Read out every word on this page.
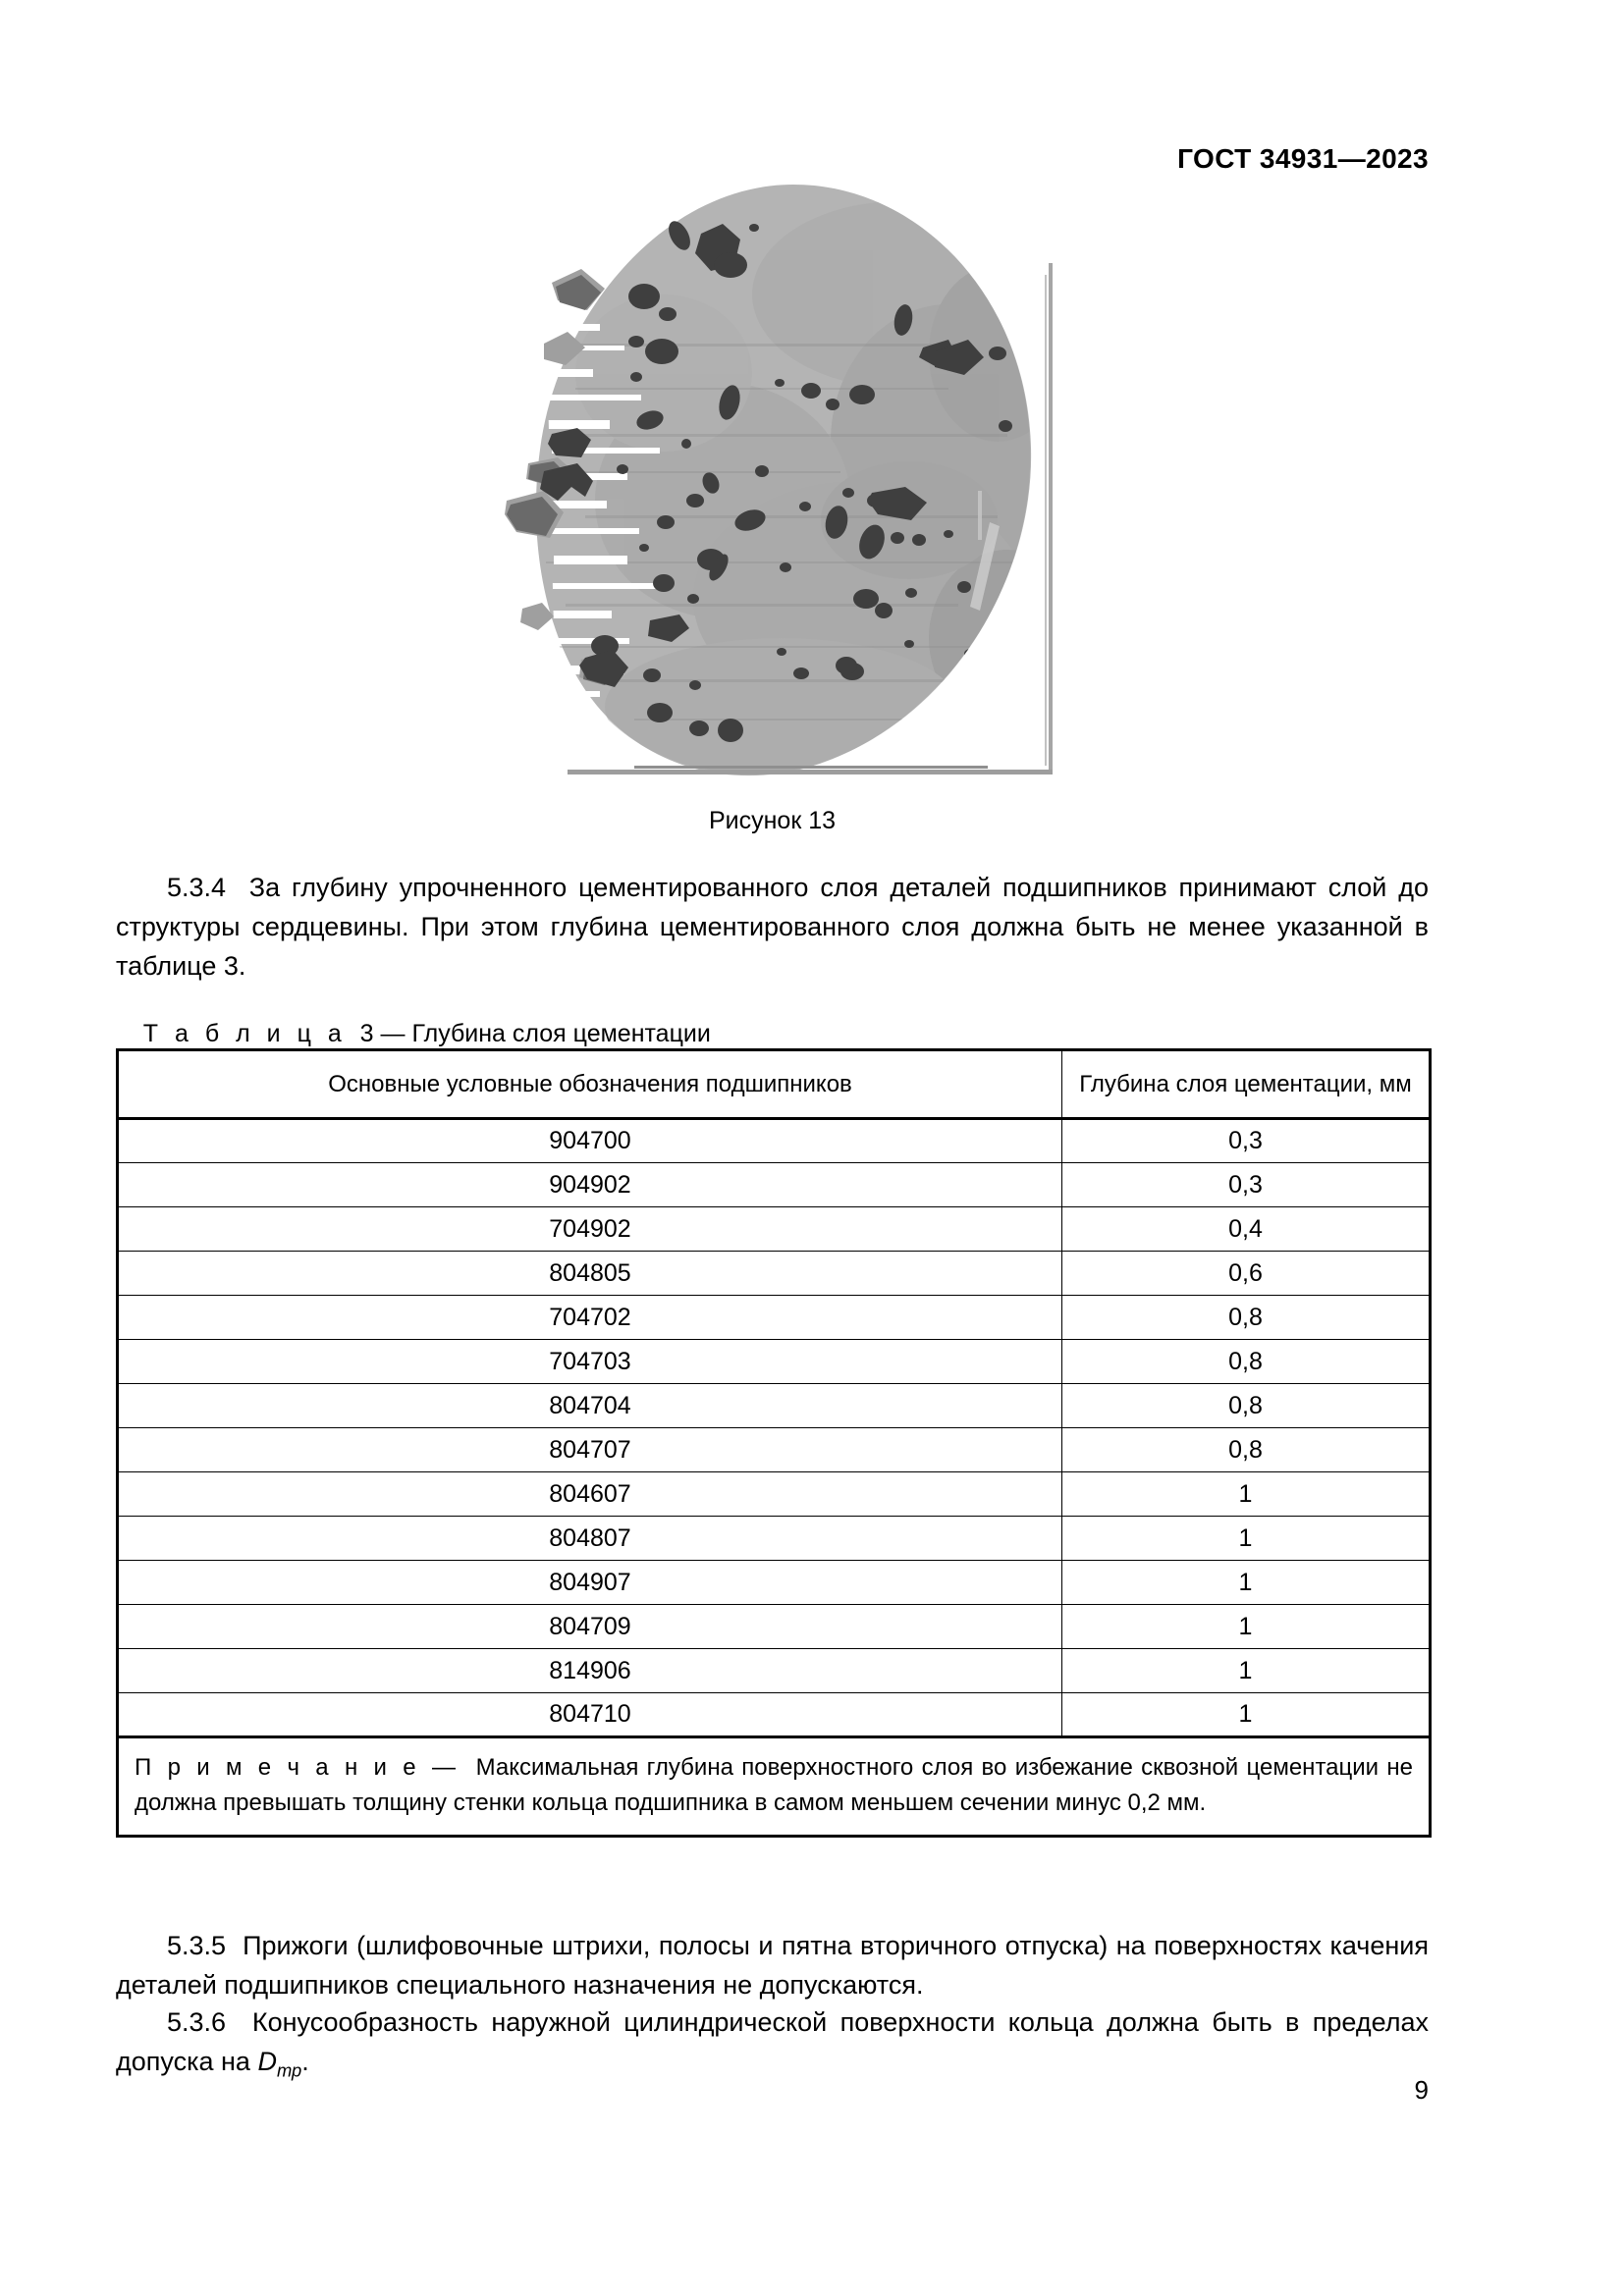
ГОСТ 34931—2023
Рисунок 13
5.3.4 За глубину упрочненного цементированного слоя деталей подшипников принимают слой до структуры сердцевины. При этом глубина цементированного слоя должна быть не менее указанной в таблице 3.

Т а б л и ц а 3 — Глубина слоя цементации

Основные условные обозначения подшипников	Глубина слоя цементации, мм
904700	0,3
904902	0,3
704902	0,4
804805	0,6
704702	0,8
704703	0,8
804704	0,8
804707	0,8
804607	1
804807	1
804907	1
804709	1
814906	1
804710	1
П р и м е ч а н и е — Максимальная глубина поверхностного слоя во избежание сквозной цементации не должна превышать толщину стенки кольца подшипника в самом меньшем сечении минус 0,2 мм.	
5.3.5 Прижоги (шлифовочные штрихи, полосы и пятна вторичного отпуска) на поверхностях качения деталей подшипников специального назначения не допускаются.
5.3.6 Конусообразность наружной цилиндрической поверхности кольца должна быть в пределах допуска на $D_{тр}$.
9
